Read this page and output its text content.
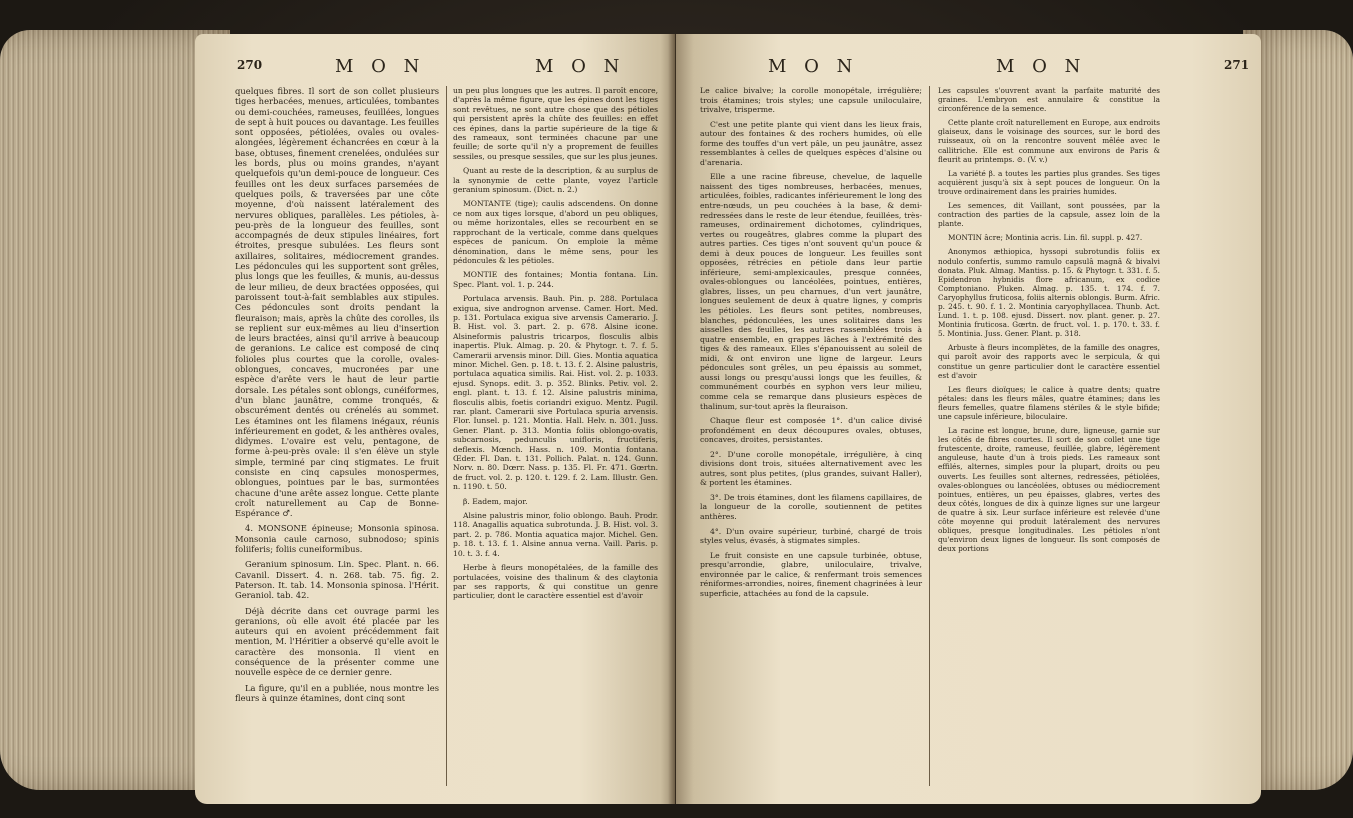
270	M O N	M O N

quelques fibres. Il sort de son collet plusieurs tiges herbacées, menues, articulées, tombantes ou demi-couchées, rameuses, feuillées, longues de sept à huit pouces ou davantage. Les feuilles sont opposées, pétiolées, ovales ou ovales-alongées, légèrement échancrées en cœur à la base, obtuses, finement crenelées, ondulées sur les bords, plus ou moins grandes, n'ayant quelquefois qu'un demi-pouce de longueur. Ces feuilles ont les deux surfaces parsemées de quelques poils, & traversées par une côte moyenne, d'où naissent latéralement des nervures obliques, parallèles. Les pétioles, à-peu-près de la longueur des feuilles, sont accompagnés de deux stipules linéaires, fort étroites, presque subulées. Les fleurs sont axillaires, solitaires, médiocrement grandes. Les pédoncules qui les supportent sont grêles, plus longs que les feuilles, & munis, au-dessus de leur milieu, de deux bractées opposées, qui paroissent tout-à-fait semblables aux stipules. Ces pédoncules sont droits pendant la fleuraison; mais, après la chûte des corolles, ils se replient sur eux-mêmes au lieu d'insertion de leurs bractées, ainsi qu'il arrive à beaucoup de geranions. Le calice est composé de cinq folioles plus courtes que la corolle, ovales-oblongues, concaves, mucronées par une espèce d'arête vers le haut de leur partie dorsale. Les pétales sont oblongs, cunéiformes, d'un blanc jaunâtre, comme tronqués, & obscurément dentés ou crénelés au sommet. Les étamines ont les filamens inégaux, réunis inférieurement en godet, & les anthères ovales, didymes. L'ovaire est velu, pentagone, de forme à-peu-près ovale: il s'en élève un style simple, terminé par cinq stigmates. Le fruit consiste en cinq capsules monospermes, oblongues, pointues par le bas, surmontées chacune d'une arête assez longue. Cette plante croît naturellement au Cap de Bonne-Espérance ♂.

4. MONSONE épineuse; Monsonia spinosa. Monsonia caule carnoso, subnodoso; spinis foliiferis; foliis cuneiformibus.

Geranium spinosum. Lin. Spec. Plant. n. 66. Cavanil. Dissert. 4. n. 268. tab. 75. fig. 2. Paterson. It. tab. 14. Monsonia spinosa. l'Hérit. Geraniol. tab. 42.

Déjà décrite dans cet ouvrage parmi les geranions, où elle avoit été placée par les auteurs qui en avoient précédemment fait mention, M. l'Héritier a observé qu'elle avoit le caractère des monsonia. Il vient en conséquence de la présenter comme une nouvelle espèce de ce dernier genre.

La figure, qu'il en a publiée, nous montre les fleurs à quinze étamines, dont cinq sont

un peu plus longues que les autres. Il paroît encore, d'après la même figure, que les épines dont les tiges sont revêtues, ne sont autre chose que des pétioles qui persistent après la chûte des feuilles: en effet ces épines, dans la partie supérieure de la tige & des rameaux, sont terminées chacune par une feuille; de sorte qu'il n'y a proprement de feuilles sessiles, ou presque sessiles, que sur les plus jeunes.

Quant au reste de la description, & au surplus de la synonymie de cette plante, voyez l'article geranium spinosum. (Dict. n. 2.)

MONTANTE (tige); caulis adscendens. On donne ce nom aux tiges lorsque, d'abord un peu obliques, ou même horizontales, elles se recourbent en se rapprochant de la verticale, comme dans quelques espèces de panicum. On emploie la même dénomination, dans le même sens, pour les pédoncules & les pétioles.

MONTIE des fontaines; Montia fontana. Lin. Spec. Plant. vol. 1. p. 244.

Portulaca arvensis. Bauh. Pin. p. 288. Portulaca exigua, sive andrognon arvense. Camer. Hort. Med. p. 131. Portulaca exigua sive arvensis Camerario. J. B. Hist. vol. 3. part. 2. p. 678. Alsine icone. Alsineformis palustris tricarpos, flosculis albis inapertis. Pluk. Almag. p. 20. & Phytogr. t. 7. f. 5. Camerarii arvensis minor. Dill. Gies. Montia aquatica minor. Michel. Gen. p. 18. t. 13. f. 2. Alsine palustris, portulaca aquatica similis. Rai. Hist. vol. 2. p. 1033. ejusd. Synops. edit. 3. p. 352. Blinks. Petiv. vol. 2. engl. plant. t. 13. f. 12. Alsine palustris minima, flosculis albis, foetis coriandri exiguo. Mentz. Pugil. rar. plant. Camerarii sive Portulaca spuria arvensis. Flor. Iunsel. p. 121. Montia. Hall. Helv. n. 301. Juss. Gener. Plant. p. 313. Montia foliis oblongo-ovatis, subcarnosis, pedunculis unifloris, fructiferis, deflexis. Mœnch. Hass. n. 109. Montia fontana. Œder. Fl. Dan. t. 131. Pollich. Palat. n. 124. Gunn. Norv. n. 80. Dœrr. Nass. p. 135. Fl. Fr. 471. Gœrtn. de fruct. vol. 2. p. 120. t. 129. f. 2. Lam. Illustr. Gen. n. 1190. t. 50.

β. Eadem, major.

Alsine palustris minor, folio oblongo. Bauh. Prodr. 118. Anagallis aquatica subrotunda. J. B. Hist. vol. 3. part. 2. p. 786. Montia aquatica major. Michel. Gen. p. 18. t. 13. f. 1. Alsine annua verna. Vaill. Paris. p. 10. t. 3. f. 4.

Herbe à fleurs monopétalées, de la famille des portulacées, voisine des thalinum & des claytonia par ses rapports, & qui constitue un genre particulier, dont le caractère essentiel est d'avoir

M O N	M O N	271

Le calice bivalve; la corolle monopétale, irrégulière; trois étamines; trois styles; une capsule uniloculaire, trivalve, trisperme.

C'est une petite plante qui vient dans les lieux frais, autour des fontaines & des rochers humides, où elle forme des touffes d'un vert pâle, un peu jaunâtre, assez ressemblantes à celles de quelques espèces d'alsine ou d'arenaria.

Elle a une racine fibreuse, chevelue, de laquelle naissent des tiges nombreuses, herbacées, menues, articulées, foibles, radicantes inférieurement le long des entre-nœuds, un peu couchées à la base, & demi-redressées dans le reste de leur étendue, feuillées, très-rameuses, ordinairement dichotomes, cylindriques, vertes ou rougeâtres, glabres comme la plupart des autres parties. Ces tiges n'ont souvent qu'un pouce & demi à deux pouces de longueur. Les feuilles sont opposées, rétrécies en pétiole dans leur partie inférieure, semi-amplexicaules, presque connées, ovales-oblongues ou lancéolées, pointues, entières, glabres, lisses, un peu charnues, d'un vert jaunâtre, longues seulement de deux à quatre lignes, y compris les pétioles. Les fleurs sont petites, nombreuses, blanches, pédonculées, les unes solitaires dans les aisselles des feuilles, les autres rassemblées trois à quatre ensemble, en grappes lâches à l'extrémité des tiges & des rameaux. Elles s'épanouissent au soleil de midi, & ont environ une ligne de largeur. Leurs pédoncules sont grêles, un peu épaissis au sommet, aussi longs ou presqu'aussi longs que les feuilles, & communément courbés en syphon vers leur milieu, comme cela se remarque dans plusieurs espèces de thalinum, sur-tout après la fleuraison.

Chaque fleur est composée 1°. d'un calice divisé profondément en deux découpures ovales, obtuses, concaves, droites, persistantes.

2°. D'une corolle monopétale, irrégulière, à cinq divisions dont trois, situées alternativement avec les autres, sont plus petites, (plus grandes, suivant Haller), & portent les étamines.

3°. De trois étamines, dont les filamens capillaires, de la longueur de la corolle, soutiennent de petites anthères.

4°. D'un ovaire supérieur, turbiné, chargé de trois styles velus, évasés, à stigmates simples.

Le fruit consiste en une capsule turbinée, obtuse, presqu'arrondie, glabre, uniloculaire, trivalve, environnée par le calice, & renfermant trois semences réniformes-arrondies, noires, finement chagrinées à leur superficie, attachées au fond de la capsule.

Les capsules s'ouvrent avant la parfaite maturité des graines. L'embryon est annulaire & constitue la circonférence de la semence.

Cette plante croît naturellement en Europe, aux endroits glaiseux, dans le voisinage des sources, sur le bord des ruisseaux, où on la rencontre souvent mêlée avec le callitriche. Elle est commune aux environs de Paris & fleurit au printemps. ⊙. (V. v.)

La variété β. a toutes les parties plus grandes. Ses tiges acquièrent jusqu'à six à sept pouces de longueur. On la trouve ordinairement dans les prairies humides.

Les semences, dit Vaillant, sont poussées, par la contraction des parties de la capsule, assez loin de la plante.

MONTIN âcre; Montinia acris. Lin. fil. suppl. p. 427.

Anonymos æthiopica, hyssopi subrotundis foliis ex nodulo confertis, summo ramulo capsulâ magnâ & bivalvi donata. Pluk. Almag. Mantiss. p. 15. & Phytogr. t. 331. f. 5. Epidendron hybnidis flore africanum, ex codice Comptoniano. Pluken. Almag. p. 135. t. 174. f. 7. Caryophyllus fruticosa, foliis alternis oblongis. Burm. Afric. p. 245. t. 90. f. 1. 2. Montinia caryophyllacea. Thunb. Act. Lund. 1. t. p. 108. ejusd. Dissert. nov. plant. gener. p. 27. Montinia fruticosa. Gœrtn. de fruct. vol. 1. p. 170. t. 33. f. 5. Montinia. Juss. Gener. Plant. p. 318.

Arbuste à fleurs incomplètes, de la famille des onagres, qui paroît avoir des rapports avec le serpicula, & qui constitue un genre particulier dont le caractère essentiel est d'avoir

Les fleurs dioïques; le calice à quatre dents; quatre pétales: dans les fleurs mâles, quatre étamines; dans les fleurs femelles, quatre filamens stériles & le style bifide; une capsule inférieure, biloculaire.

La racine est longue, brune, dure, ligneuse, garnie sur les côtés de fibres courtes. Il sort de son collet une tige frutescente, droite, rameuse, feuillée, glabre, légèrement anguleuse, haute d'un à trois pieds. Les rameaux sont effilés, alternes, simples pour la plupart, droits ou peu ouverts. Les feuilles sont alternes, redressées, pétiolées, ovales-oblongues ou lancéolées, obtuses ou médiocrement pointues, entières, un peu épaisses, glabres, vertes des deux côtés, longues de dix à quinze lignes sur une largeur de quatre à six. Leur surface inférieure est relevée d'une côte moyenne qui produit latéralement des nervures obliques, presque longitudinales. Les pétioles n'ont qu'environ deux lignes de longueur. Ils sont composés de deux portions
